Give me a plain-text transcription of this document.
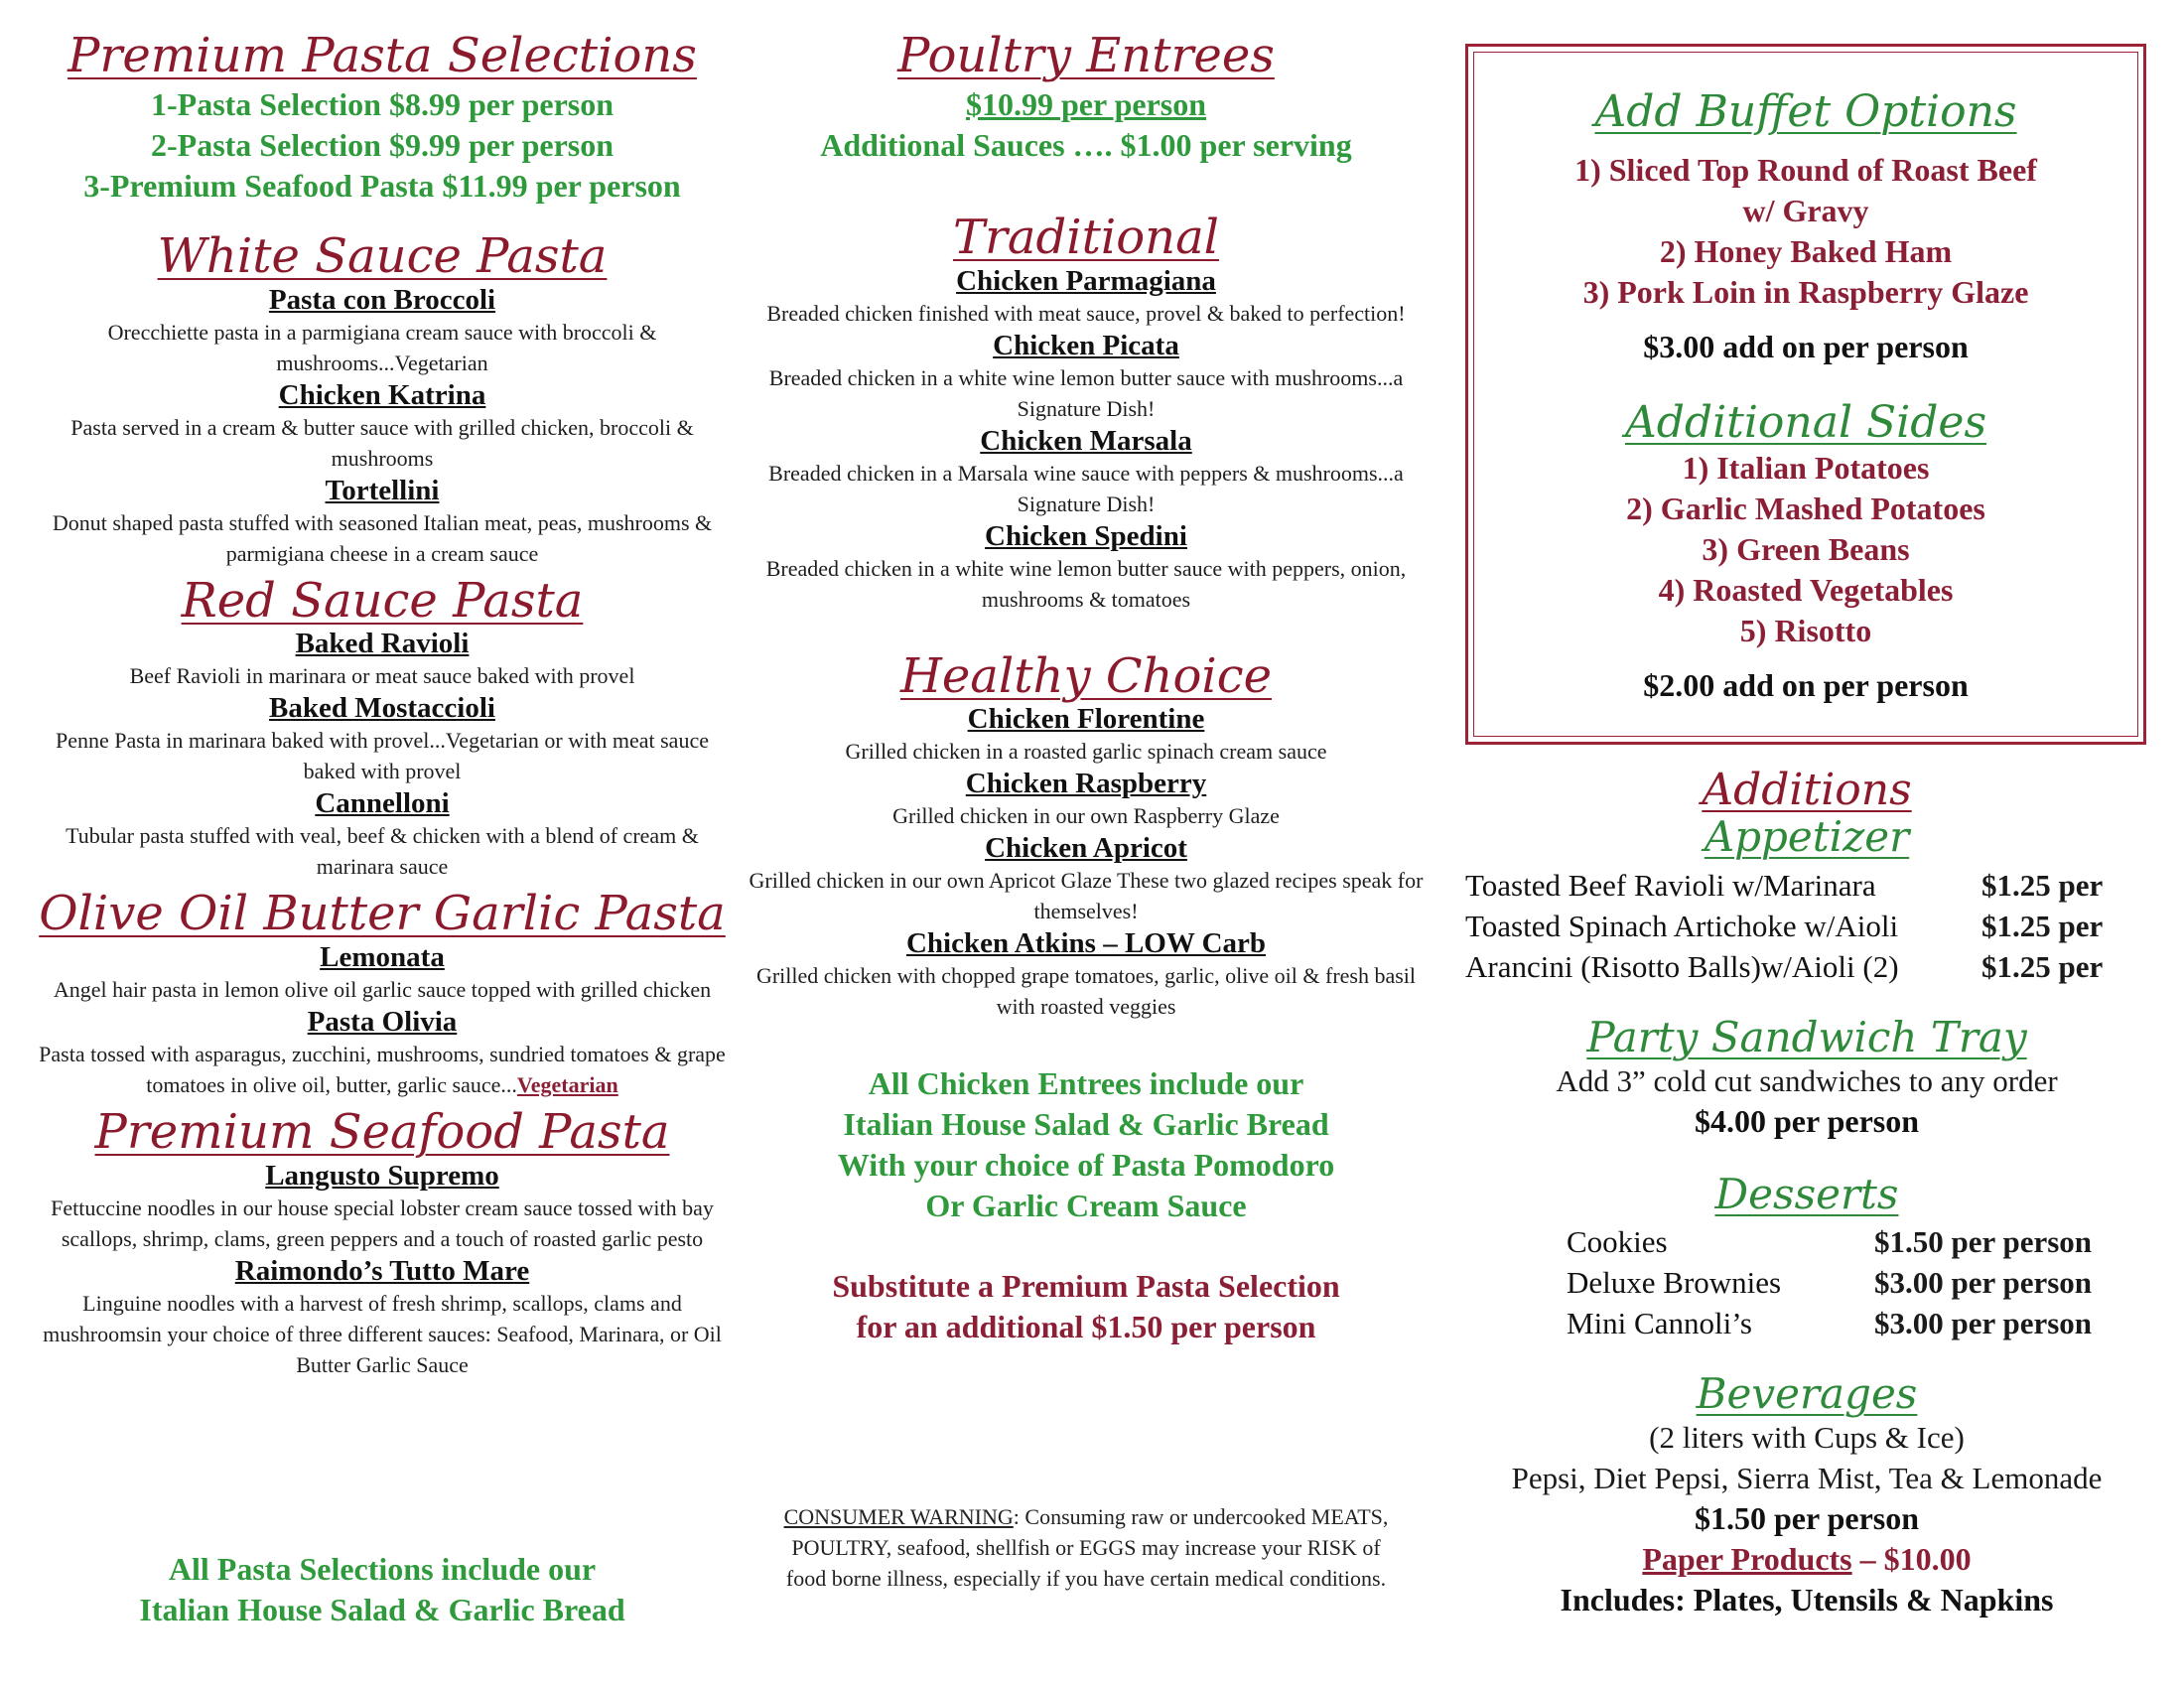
Premium Pasta Selections

1-Pasta Selection $8.99 per person

2-Pasta Selection $9.99 per person

3-Premium Seafood Pasta $11.99 per person

White Sauce Pasta
Pasta con Broccoli
Orecchiette pasta in a parmigiana cream sauce with broccoli & mushrooms...Vegetarian
Chicken Katrina
Pasta served in a cream & butter sauce with grilled chicken, broccoli & mushrooms
Tortellini
Donut shaped pasta stuffed with seasoned Italian meat, peas, mushrooms & parmigiana cheese in a cream sauce
Red Sauce Pasta
Baked Ravioli
Beef Ravioli in marinara or meat sauce baked with provel
Baked Mostaccioli
Penne Pasta in marinara baked with provel...Vegetarian or with meat sauce baked with provel
Cannelloni
Tubular pasta stuffed with veal, beef & chicken with a blend of cream & marinara sauce
Olive Oil Butter Garlic Pasta
Lemonata
Angel hair pasta in lemon olive oil garlic sauce topped with grilled chicken
Pasta Olivia
Pasta tossed with asparagus, zucchini, mushrooms, sundried tomatoes & grape tomatoes in olive oil, butter, garlic sauce...Vegetarian
Premium Seafood Pasta
Langusto Supremo
Fettuccine noodles in our house special lobster cream sauce tossed with bay scallops, shrimp, clams, green peppers and a touch of roasted garlic pesto
Raimondo’s Tutto Mare
Linguine noodles with a harvest of fresh shrimp, scallops, clams and mushroomsin your choice of three different sauces: Seafood, Marinara, or Oil Butter Garlic Sauce

All Pasta Selections include our

Italian House Salad & Garlic Bread

Poultry Entrees

$10.99 per person

Additional Sauces …. $1.00 per serving

Traditional
Chicken Parmagiana
Breaded chicken finished with meat sauce, provel & baked to perfection!
Chicken Picata
Breaded chicken in a white wine lemon butter sauce with mushrooms...a Signature Dish!
Chicken Marsala
Breaded chicken in a Marsala wine sauce with peppers & mushrooms...a Signature Dish!
Chicken Spedini
Breaded chicken in a white wine lemon butter sauce with peppers, onion, mushrooms & tomatoes
Healthy Choice
Chicken Florentine
Grilled chicken in a roasted garlic spinach cream sauce
Chicken Raspberry
Grilled chicken in our own Raspberry Glaze
Chicken Apricot
Grilled chicken in our own Apricot Glaze These two glazed recipes speak for themselves!
Chicken Atkins – LOW Carb
Grilled chicken with chopped grape tomatoes, garlic, olive oil & fresh basil with roasted veggies

All Chicken Entrees include our

Italian House Salad & Garlic Bread

With your choice of Pasta Pomodoro

Or Garlic Cream Sauce

Substitute a Premium Pasta Selection

for an additional $1.50 per person

CONSUMER WARNING: Consuming raw or undercooked MEATS, POULTRY, seafood, shellfish or EGGS may increase your RISK of food borne illness, especially if you have certain medical conditions.

Add Buffet Options

1) Sliced Top Round of Roast Beef

w/ Gravy

2) Honey Baked Ham

3) Pork Loin in Raspberry Glaze

$3.00 add on per person

Additional Sides

1) Italian Potatoes

2) Garlic Mashed Potatoes

3) Green Beans

4) Roasted Vegetables

5) Risotto

$2.00 add on per person

Additions
Appetizer
Toasted Beef Ravioli w/Marinara	$1.25 per
Toasted Spinach Artichoke w/Aioli	$1.25 per
Arancini (Risotto Balls)w/Aioli (2)	$1.25 per
Party Sandwich Tray

Add 3” cold cut sandwiches to any order

$4.00 per person

Desserts
Cookies	$1.50 per person
Deluxe Brownies	$3.00 per person
Mini Cannoli’s	$3.00 per person
Beverages

(2 liters with Cups & Ice)

Pepsi, Diet Pepsi, Sierra Mist, Tea & Lemonade

$1.50 per person

Paper Products – $10.00

Includes: Plates, Utensils & Napkins
